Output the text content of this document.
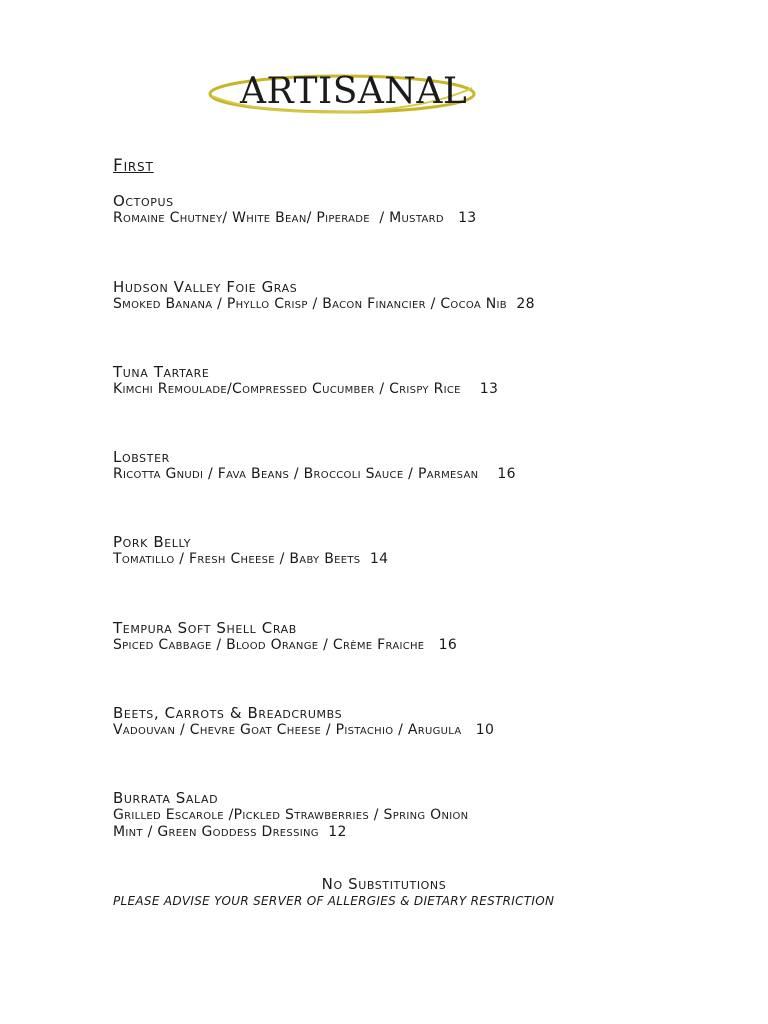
ARTISANAL
First
Octopus
Romaine Chutney/ White Bean/ Piperade  / Mustard   13
Hudson Valley Foie Gras
Smoked Banana / Phyllo Crisp / Bacon Financier / Cocoa Nib  28
Tuna Tartare
Kimchi Remoulade/Compressed Cucumber / Crispy Rice    13
Lobster
Ricotta Gnudi / Fava Beans / Broccoli Sauce / Parmesan    16
Pork Belly
Tomatillo / Fresh Cheese / Baby Beets  14
Tempura Soft Shell Crab
Spiced Cabbage / Blood Orange / Crème Fraiche   16
Beets, Carrots & Breadcrumbs
Vadouvan / Chevre Goat Cheese / Pistachio / Arugula   10
Burrata Salad
Grilled Escarole /Pickled Strawberries / Spring Onion
Mint / Green Goddess Dressing  12
No Substitutions
PLEASE ADVISE YOUR SERVER OF ALLERGIES & DIETARY RESTRICTION
